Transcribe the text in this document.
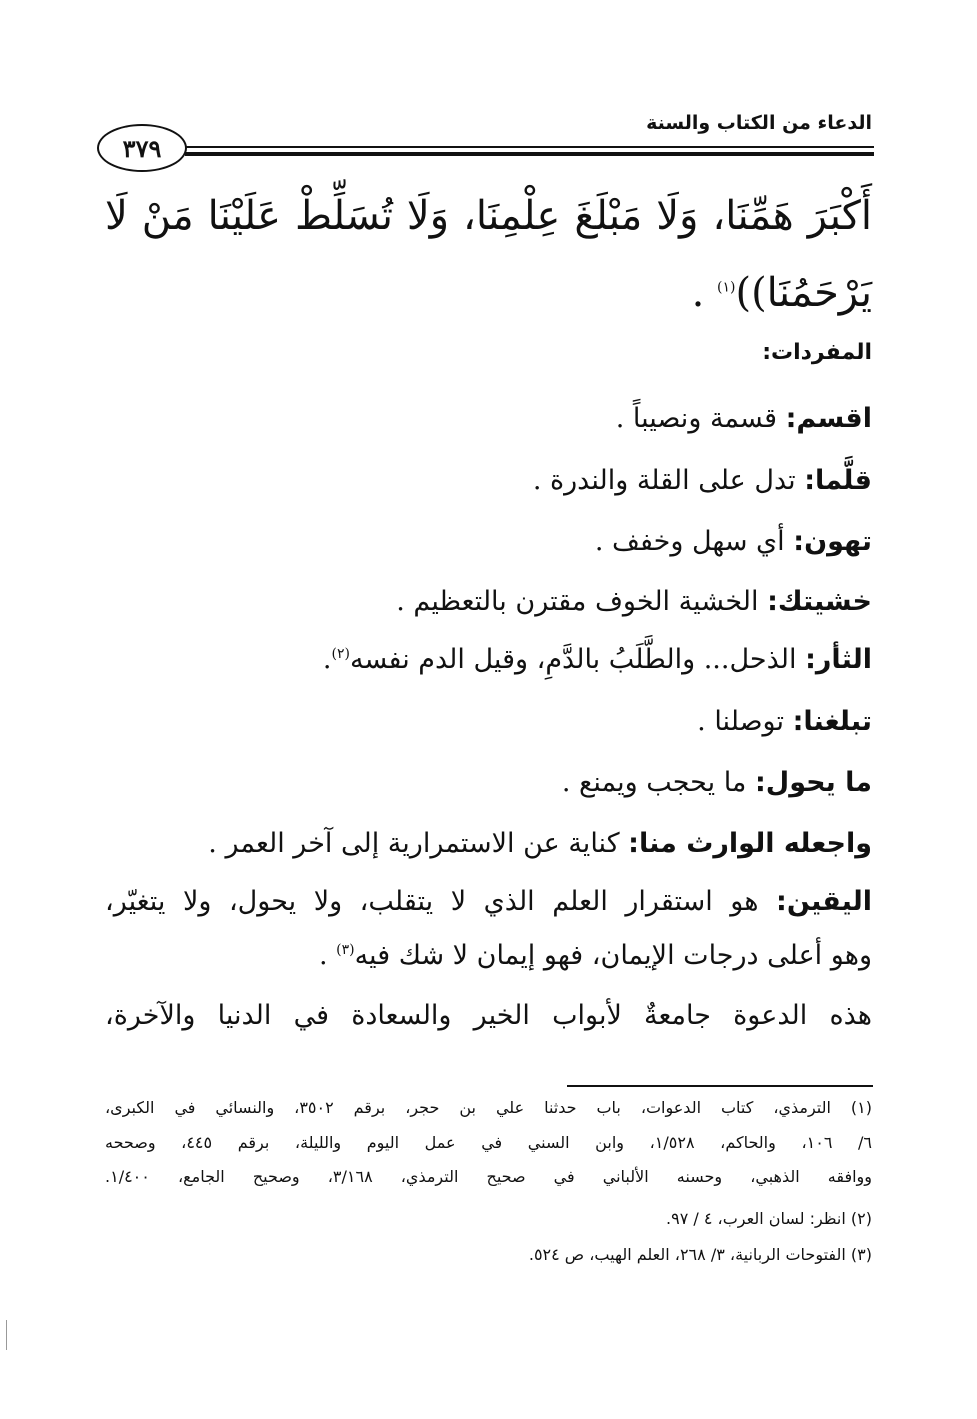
الدعاء من الكتاب والسنة
٣٧٩
أَكْبَرَ هَمِّنَا، وَلَا مَبْلَغَ عِلْمِنَا، وَلَا تُسَلِّطْ عَلَيْنَا مَنْ لَا
يَرْحَمُنَا))$^{(١)}$ .
المفردات:
اقسم: قسمة ونصيباً .
قلَّما: تدل على القلة والندرة .
تهون: أي سهل وخفف .
خشيتك: الخشية الخوف مقترن بالتعظيم .
الثأر: الذحل... والطَّلَبُ بالدَّمِ، وقيل الدم نفسه$^{(٢)}$.
تبلغنا: توصلنا .
ما يحول: ما يحجب ويمنع .
واجعله الوارث منا: كناية عن الاستمرارية إلى آخر العمر .
اليقين: هو استقرار العلم الذي لا يتقلب، ولا يحول، ولا يتغيّر،
وهو أعلى درجات الإيمان، فهو إيمان لا شك فيه$^{(٣)}$ .
هذه الدعوة جامعةٌ لأبواب الخير والسعادة في الدنيا والآخرة،
(١) الترمذي، كتاب الدعوات، باب حدثنا علي بن حجر، برقم ٣٥٠٢، والنسائي في الكبرى،
٦/ ١٠٦، والحاكم، ١/٥٢٨، وابن السني في عمل اليوم والليلة، برقم ٤٤٥، وصححه
ووافقه الذهبي، وحسنه الألباني في صحيح الترمذي، ٣/١٦٨، وصحيح الجامع، ١/٤٠٠.
(٢) انظر: لسان العرب، ٤ / ٩٧.
(٣) الفتوحات الربانية، ٣/ ٢٦٨، العلم الهيب، ص ٥٢٤.
